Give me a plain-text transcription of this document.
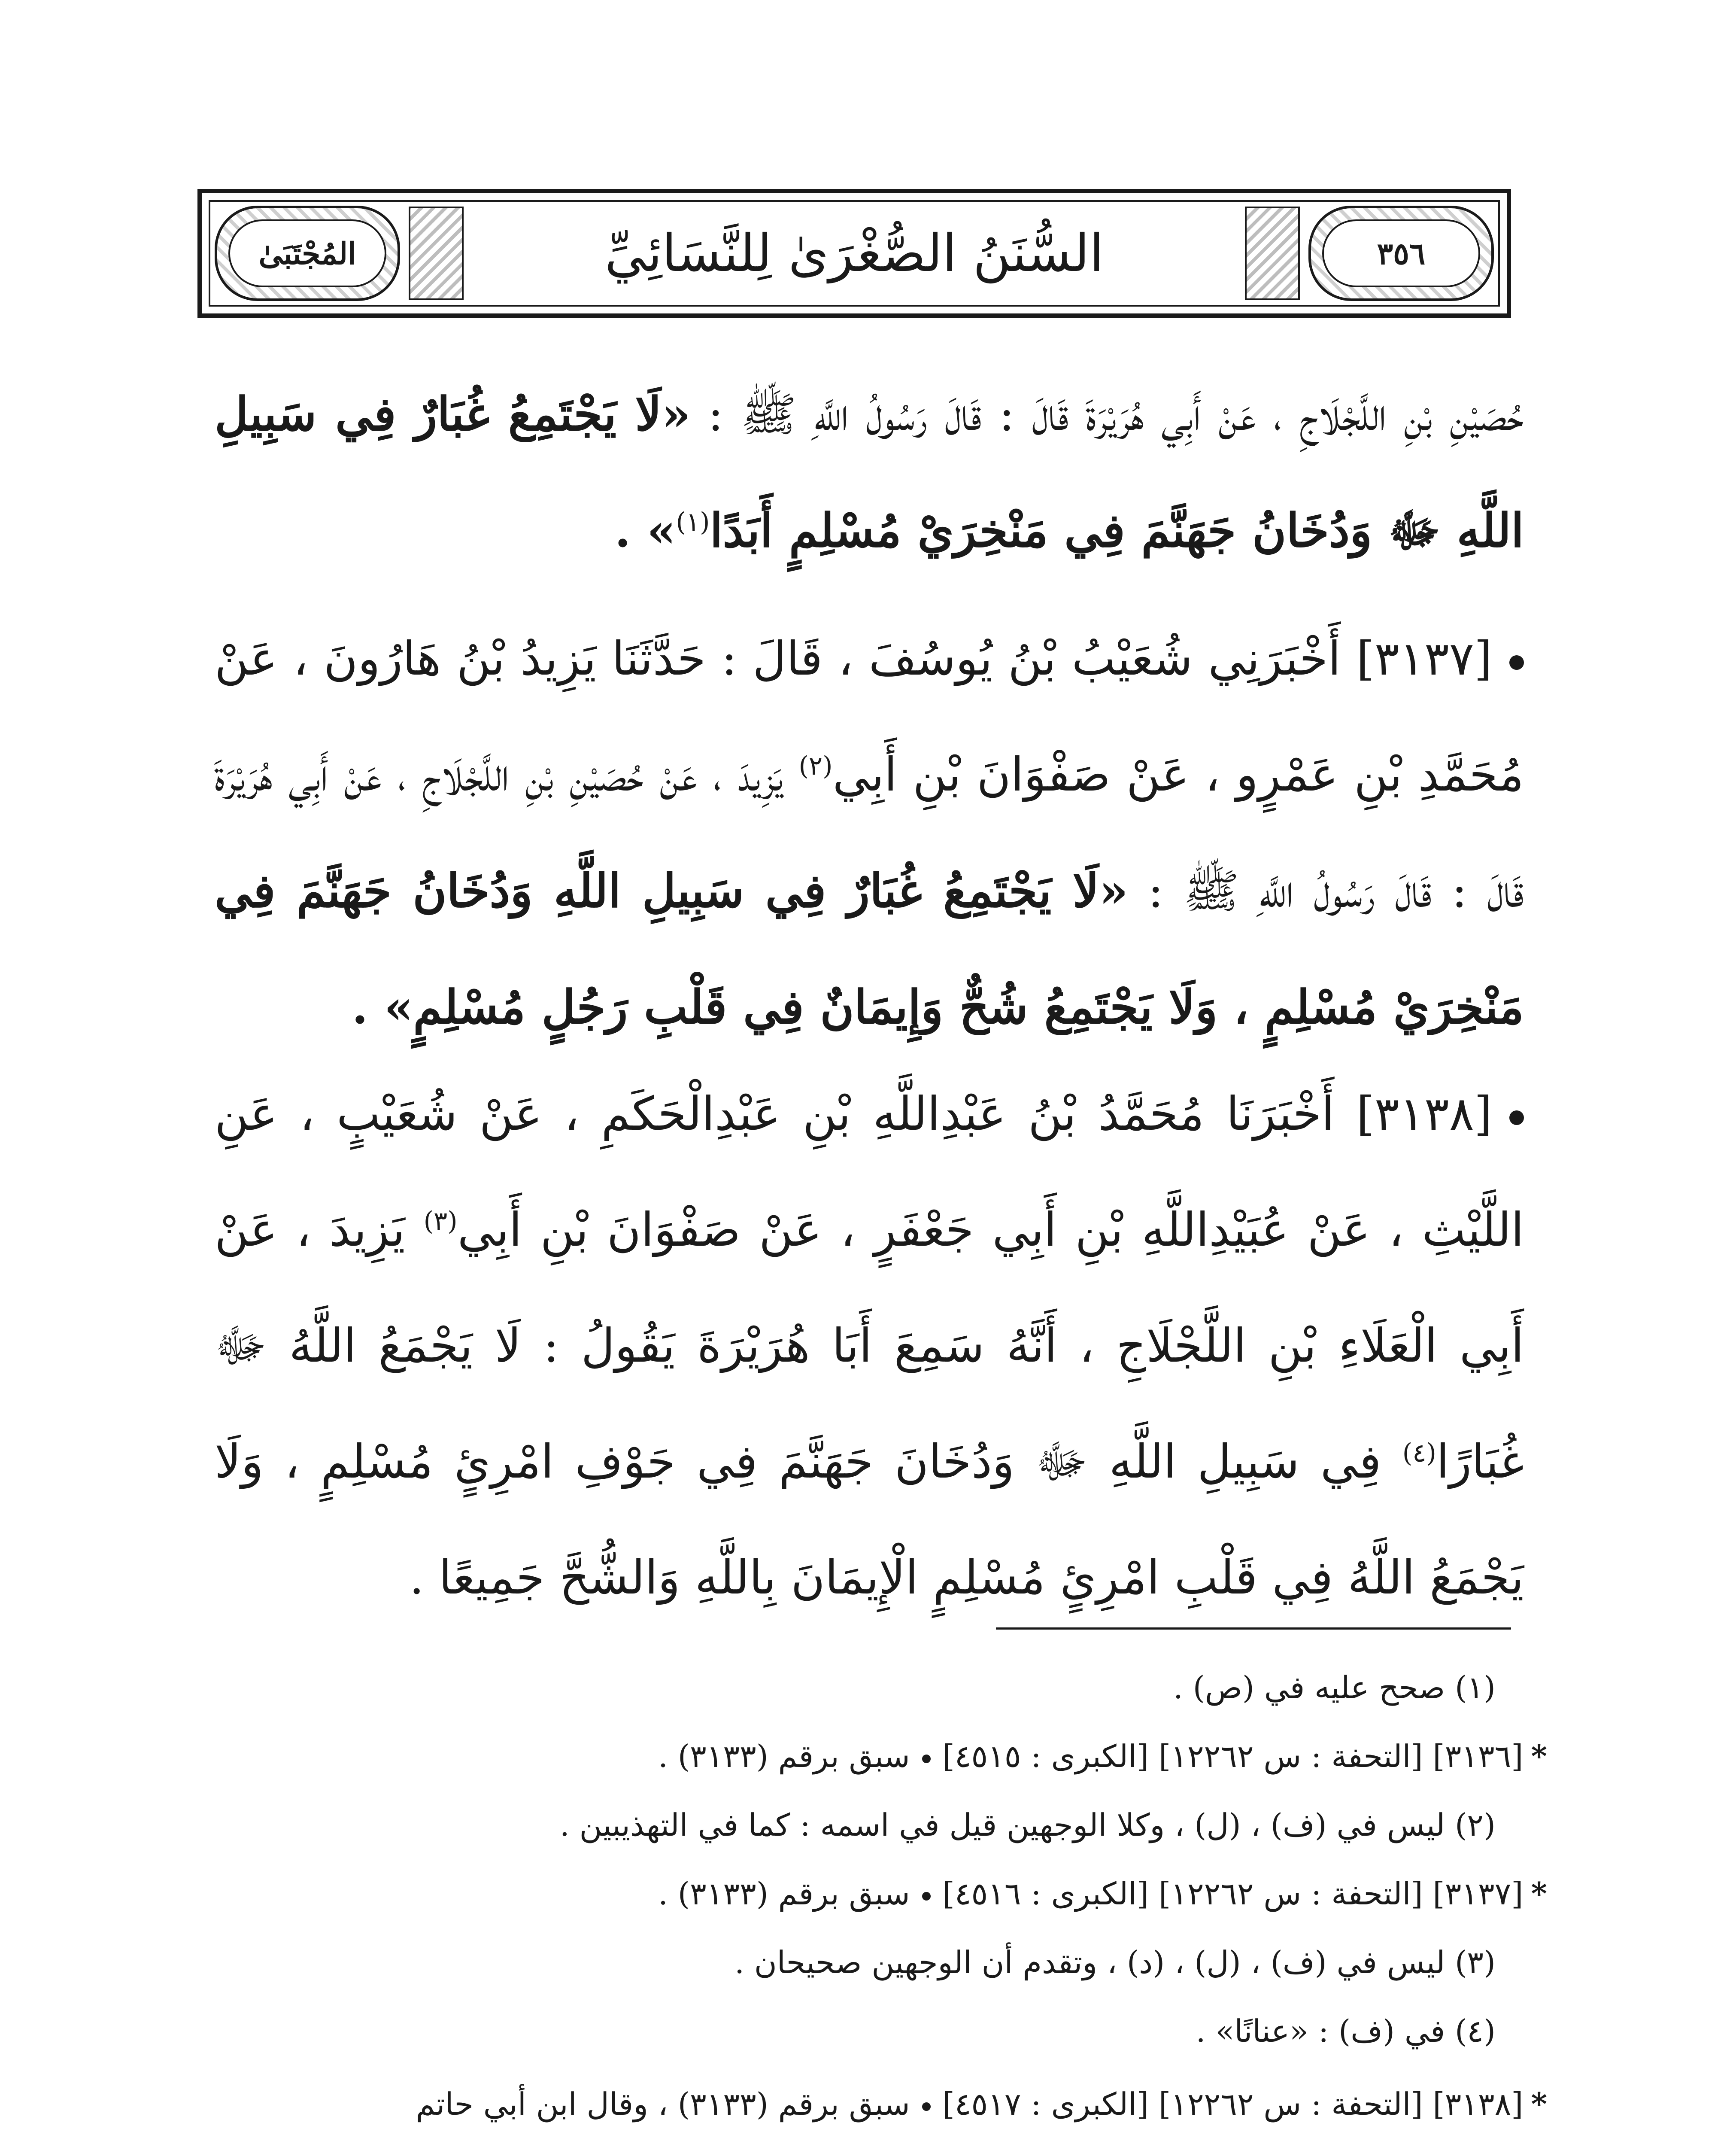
المُجْتَبَىٰ	السُّنَنُ الصُّغْرَىٰ لِلنَّسَائِيِّ	٣٥٦
حُصَيْنِ بْنِ اللَّجْلَاجِ ، عَنْ أَبِي هُرَيْرَةَ قَالَ : قَالَ رَسُولُ اللَّهِ ﷺ : «لَا يَجْتَمِعُ غُبَارٌ فِي سَبِيلِ اللَّهِ ﷻ وَدُخَانُ جَهَنَّمَ فِي مَنْخِرَيْ مُسْلِمٍ أَبَدًا$^{(١)}$» .
[٣١٣٧] أَخْبَرَنِي شُعَيْبُ بْنُ يُوسُفَ ، قَالَ : حَدَّثَنَا يَزِيدُ بْنُ هَارُونَ ، عَنْ مُحَمَّدِ بْنِ عَمْرٍو ، عَنْ صَفْوَانَ بْنِ أَبِي$^{(٢)}$ يَزِيدَ ، عَنْ حُصَيْنِ بْنِ اللَّجْلَاجِ ، عَنْ أَبِي هُرَيْرَةَ قَالَ : قَالَ رَسُولُ اللَّهِ ﷺ : «لَا يَجْتَمِعُ غُبَارٌ فِي سَبِيلِ اللَّهِ وَدُخَانُ جَهَنَّمَ فِي مَنْخِرَيْ مُسْلِمٍ ، وَلَا يَجْتَمِعُ شُحٌّ وَإِيمَانٌ فِي قَلْبِ رَجُلٍ مُسْلِمٍ» .
[٣١٣٨] أَخْبَرَنَا مُحَمَّدُ بْنُ عَبْدِاللَّهِ بْنِ عَبْدِالْحَكَمِ ، عَنْ شُعَيْبٍ ، عَنِ اللَّيْثِ ، عَنْ عُبَيْدِاللَّهِ بْنِ أَبِي جَعْفَرٍ ، عَنْ صَفْوَانَ بْنِ أَبِي$^{(٣)}$ يَزِيدَ ، عَنْ أَبِي الْعَلَاءِ بْنِ اللَّجْلَاجِ ، أَنَّهُ سَمِعَ أَبَا هُرَيْرَةَ يَقُولُ : لَا يَجْمَعُ اللَّهُ ﷻ غُبَارًا$^{(٤)}$ فِي سَبِيلِ اللَّهِ ﷻ وَدُخَانَ جَهَنَّمَ فِي جَوْفِ امْرِئٍ مُسْلِمٍ ، وَلَا يَجْمَعُ اللَّهُ فِي قَلْبِ امْرِئٍ مُسْلِمٍ الْإِيمَانَ بِاللَّهِ وَالشُّحَّ جَمِيعًا .
(١) صحح عليه في (ص) .
*[٣١٣٦] [التحفة : س ١٢٢٦٢] [الكبرى : ٤٥١٥]سبق برقم (٣١٣٣) .
(٢) ليس في (ف) ، (ل) ، وكلا الوجهين قيل في اسمه : كما في التهذيبين .
*[٣١٣٧] [التحفة : س ١٢٢٦٢] [الكبرى : ٤٥١٦]سبق برقم (٣١٣٣) .
(٣) ليس في (ف) ، (ل) ، (د) ، وتقدم أن الوجهين صحيحان .
(٤) في (ف) : «عنانًا» .
*[٣١٣٨] [التحفة : س ١٢٢٦٢] [الكبرى : ٤٥١٧]سبق برقم (٣١٣٣) ، وقال ابن أبي حاتم
